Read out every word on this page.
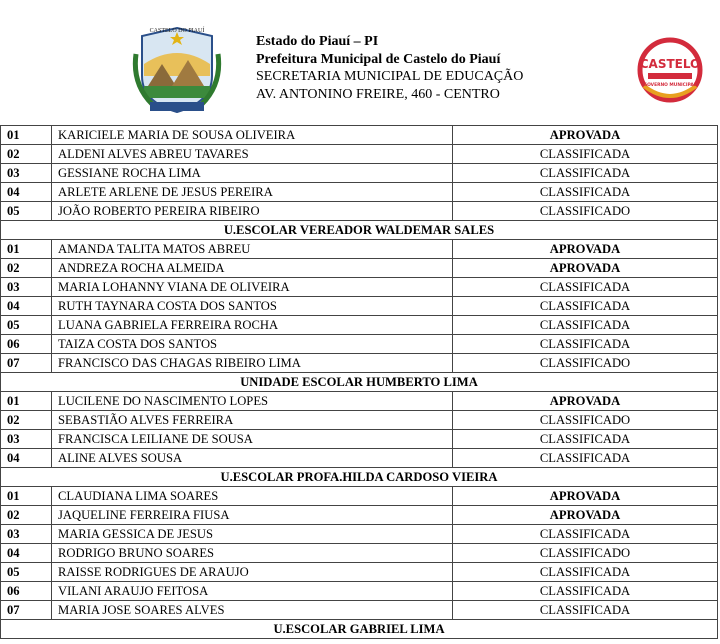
CASTELO DO PIAUÍ
Estado do Piauí – PI
Prefeitura Municipal de Castelo do Piauí
SECRETARIA MUNICIPAL DE EDUCAÇÃO
AV. ANTONINO FREIRE, 460 - CENTRO
CASTELO
GOVERNO MUNICIPAL
01	KARICIELE MARIA DE SOUSA OLIVEIRA	APROVADA
02	ALDENI ALVES ABREU TAVARES	CLASSIFICADA
03	GESSIANE ROCHA LIMA	CLASSIFICADA
04	ARLETE ARLENE DE JESUS PEREIRA	CLASSIFICADA
05	JOÃO ROBERTO PEREIRA RIBEIRO	CLASSIFICADO
U.ESCOLAR VEREADOR WALDEMAR SALES		
01	AMANDA TALITA MATOS ABREU	APROVADA
02	ANDREZA ROCHA ALMEIDA	APROVADA
03	MARIA LOHANNY VIANA DE OLIVEIRA	CLASSIFICADA
04	RUTH TAYNARA COSTA DOS SANTOS	CLASSIFICADA
05	LUANA GABRIELA FERREIRA ROCHA	CLASSIFICADA
06	TAIZA COSTA DOS SANTOS	CLASSIFICADA
07	FRANCISCO DAS CHAGAS RIBEIRO LIMA	CLASSIFICADO
UNIDADE ESCOLAR HUMBERTO LIMA		
01	LUCILENE DO NASCIMENTO LOPES	APROVADA
02	SEBASTIÃO ALVES FERREIRA	CLASSIFICADO
03	FRANCISCA LEILIANE DE SOUSA	CLASSIFICADA
04	ALINE ALVES SOUSA	CLASSIFICADA
U.ESCOLAR PROFA.HILDA CARDOSO VIEIRA		
01	CLAUDIANA LIMA SOARES	APROVADA
02	JAQUELINE FERREIRA FIUSA	APROVADA
03	MARIA GESSICA DE JESUS	CLASSIFICADA
04	RODRIGO BRUNO SOARES	CLASSIFICADO
05	RAISSE RODRIGUES DE ARAUJO	CLASSIFICADA
06	VILANI ARAUJO FEITOSA	CLASSIFICADA
07	MARIA JOSE SOARES ALVES	CLASSIFICADA
U.ESCOLAR GABRIEL LIMA		
